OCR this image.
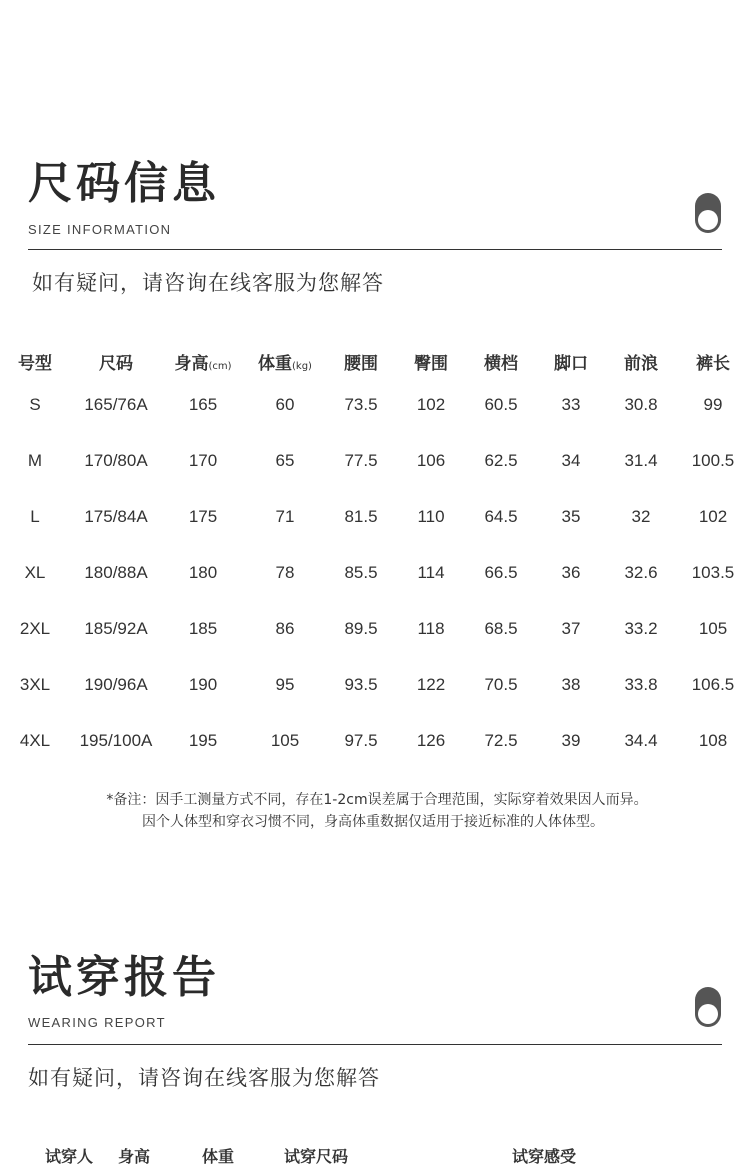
尺码信息
SIZE INFORMATION
如有疑问，请咨询在线客服为您解答
号型	尺码	身高(cm)	体重(kg)	腰围	臀围	横档	脚口	前浪	裤长
S	165/76A	165	60	73.5	102	60.5	33	30.8	99
M	170/80A	170	65	77.5	106	62.5	34	31.4	100.5
L	175/84A	175	71	81.5	110	64.5	35	32	102
XL	180/88A	180	78	85.5	114	66.5	36	32.6	103.5
2XL	185/92A	185	86	89.5	118	68.5	37	33.2	105
3XL	190/96A	190	95	93.5	122	70.5	38	33.8	106.5
4XL	195/100A	195	105	97.5	126	72.5	39	34.4	108
*备注：因手工测量方式不同，存在1-2cm误差属于合理范围，实际穿着效果因人而异。
因个人体型和穿衣习惯不同，身高体重数据仅适用于接近标准的人体体型。
试穿报告
WEARING REPORT
如有疑问，请咨询在线客服为您解答
试穿人 身高	体重	试穿尺码	试穿感受
